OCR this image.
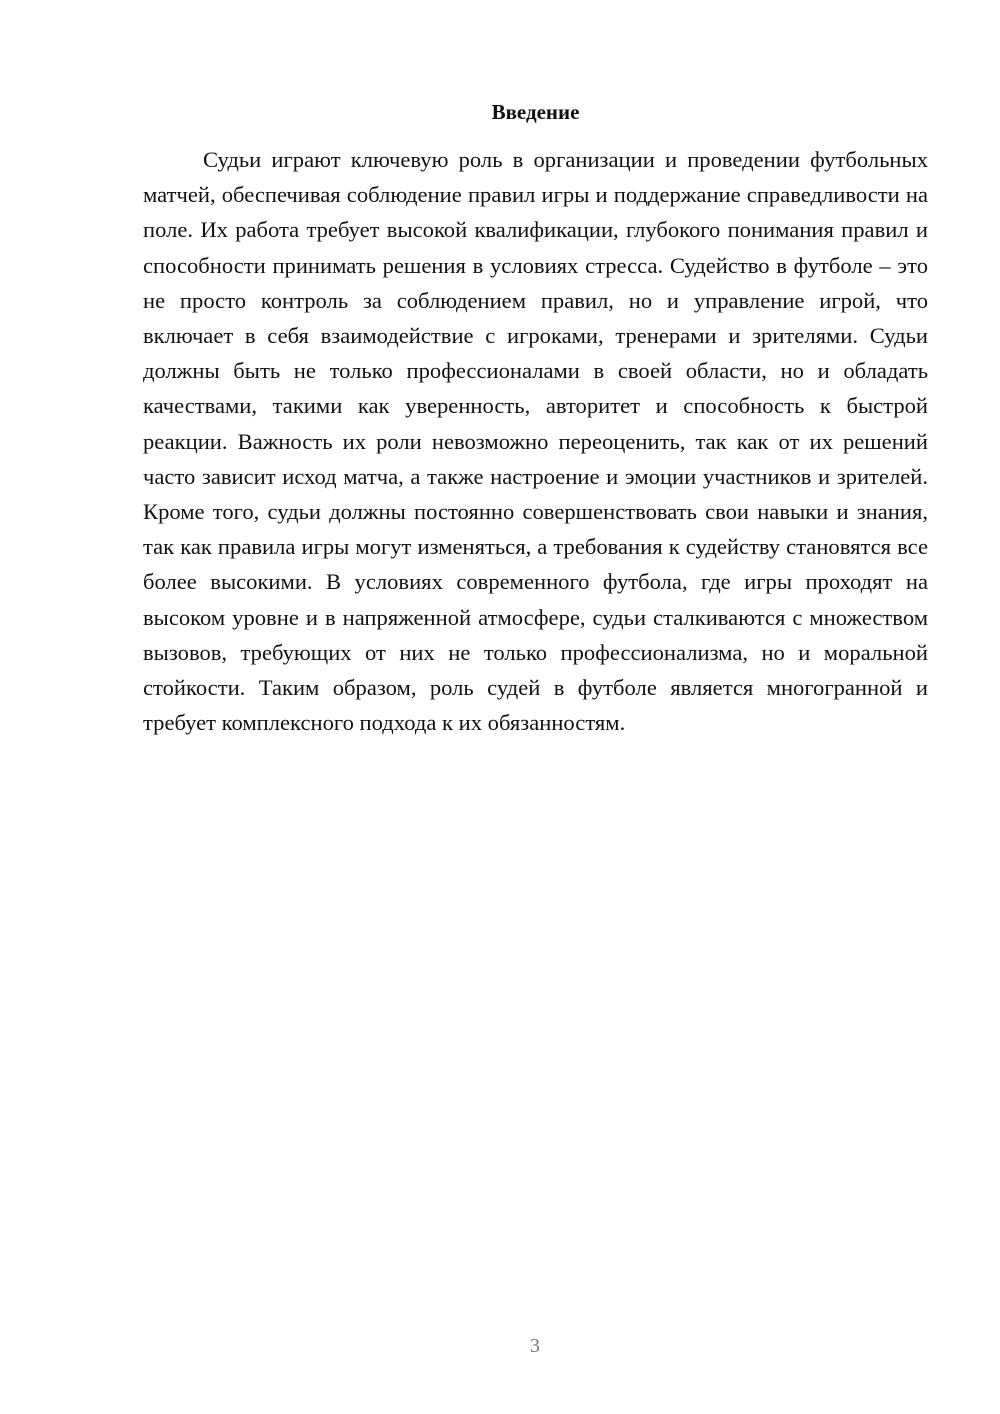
Введение

Судьи играют ключевую роль в организации и проведении футбольных матчей, обеспечивая соблюдение правил игры и поддержание справедливости на поле. Их работа требует высокой квалификации, глубокого понимания правил и способности принимать решения в условиях стресса. Судейство в футболе – это не просто контроль за соблюдением правил, но и управление игрой, что включает в себя взаимодействие с игроками, тренерами и зрителями. Судьи должны быть не только профессионалами в своей области, но и обладать качествами, такими как уверенность, авторитет и способность к быстрой реакции. Важность их роли невозможно переоценить, так как от их решений часто зависит исход матча, а также настроение и эмоции участников и зрителей. Кроме того, судьи должны постоянно совершенствовать свои навыки и знания, так как правила игры могут изменяться, а требования к судейству становятся все более высокими. В условиях современного футбола, где игры проходят на высоком уровне и в напряженной атмосфере, судьи сталкиваются с множеством вызовов, требующих от них не только профессионализма, но и моральной стойкости. Таким образом, роль судей в футболе является многогранной и требует комплексного подхода к их обязанностям.

3
